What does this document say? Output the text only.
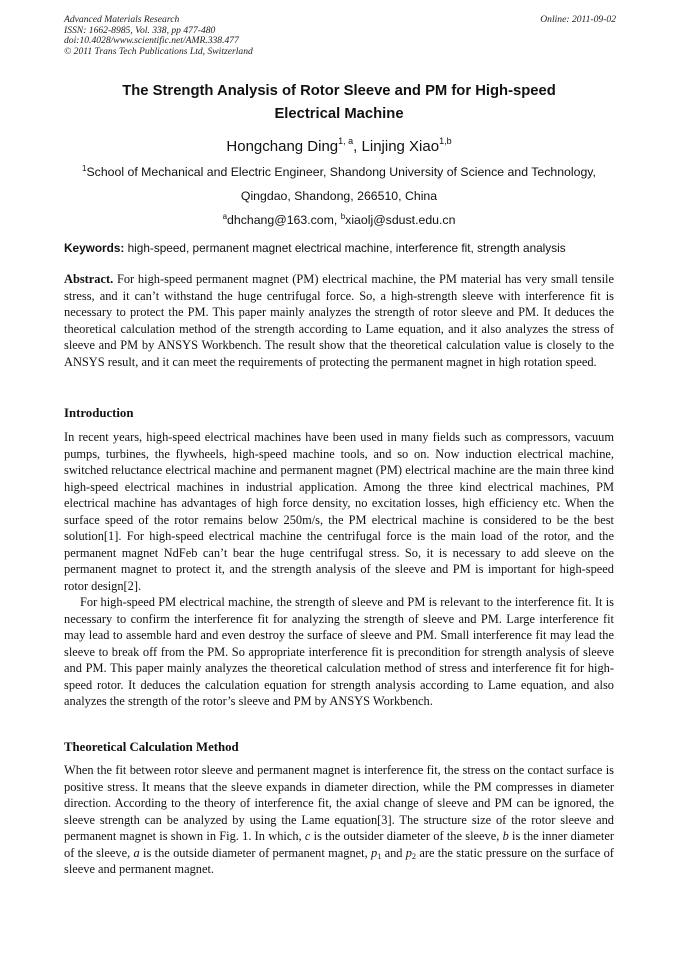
Advanced Materials Research
ISSN: 1662-8985, Vol. 338, pp 477-480
doi:10.4028/www.scientific.net/AMR.338.477
© 2011 Trans Tech Publications Ltd, Switzerland
Online: 2011-09-02
The Strength Analysis of Rotor Sleeve and PM for High-speed
Electrical Machine
Hongchang Ding$^{1, a}$, Linjing Xiao$^{1,b}$
$^1$School of Mechanical and Electric Engineer, Shandong University of Science and Technology,
Qingdao, Shandong, 266510, China
$^a$dhchang@163.com, $^b$xiaolj@sdust.edu.cn
Keywords: high-speed, permanent magnet electrical machine, interference fit, strength analysis
Abstract. For high-speed permanent magnet (PM) electrical machine, the PM material has very small tensile stress, and it can’t withstand the huge centrifugal force. So, a high-strength sleeve with interference fit is necessary to protect the PM. This paper mainly analyzes the strength of rotor sleeve and PM. It deduces the theoretical calculation method of the strength according to Lame equation, and it also analyzes the stress of sleeve and PM by ANSYS Workbench. The result show that the theoretical calculation value is closely to the ANSYS result, and it can meet the requirements of protecting the permanent magnet in high rotation speed.
Introduction

In recent years, high-speed electrical machines have been used in many fields such as compressors, vacuum pumps, turbines, the flywheels, high-speed machine tools, and so on. Now induction electrical machine, switched reluctance electrical machine and permanent magnet (PM) electrical machine are the main three kind high-speed electrical machines in industrial application. Among the three kind electrical machines, PM electrical machine has advantages of high force density, no excitation losses, high efficiency etc. When the surface speed of the rotor remains below 250m/s, the PM electrical machine is considered to be the best solution[1]. For high-speed electrical machine the centrifugal force is the main load of the rotor, and the permanent magnet NdFeb can’t bear the huge centrifugal stress. So, it is necessary to add sleeve on the permanent magnet to protect it, and the strength analysis of the sleeve and PM is important for high-speed rotor design[2].

For high-speed PM electrical machine, the strength of sleeve and PM is relevant to the interference fit. It is necessary to confirm the interference fit for analyzing the strength of sleeve and PM. Large interference fit may lead to assemble hard and even destroy the surface of sleeve and PM. Small interference fit may lead the sleeve to break off from the PM. So appropriate interference fit is precondition for strength analysis of sleeve and PM. This paper mainly analyzes the theoretical calculation method of stress and interference fit for high-speed rotor. It deduces the calculation equation for strength analysis according to Lame equation, and also analyzes the strength of the rotor’s sleeve and PM by ANSYS Workbench.

Theoretical Calculation Method

When the fit between rotor sleeve and permanent magnet is interference fit, the stress on the contact surface is positive stress. It means that the sleeve expands in diameter direction, while the PM compresses in diameter direction. According to the theory of interference fit, the axial change of sleeve and PM can be ignored, the sleeve strength can be analyzed by using the Lame equation[3]. The structure size of the rotor sleeve and permanent magnet is shown in Fig. 1. In which, c is the outsider diameter of the sleeve, b is the inner diameter of the sleeve, a is the outside diameter of permanent magnet, $p_1$ and $p_2$ are the static pressure on the surface of sleeve and permanent magnet.
